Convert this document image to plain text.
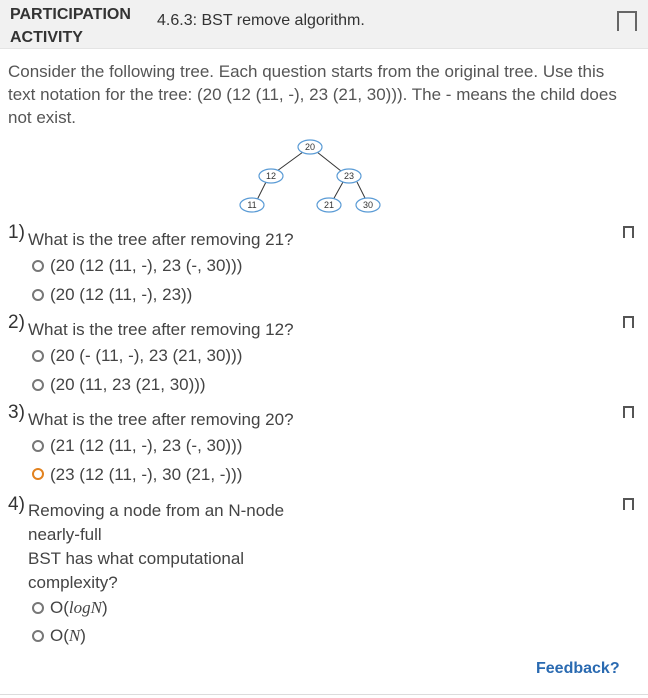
PARTICIPATION ACTIVITY
4.6.3: BST remove algorithm.
Consider the following tree. Each question starts from the original tree. Use this text notation for the tree: (20 (12 (11, -), 23 (21, 30))). The - means the child does not exist.
20
12	23
11	21	30
1) What is the tree after removing 21?
(20 (12 (11, -), 23 (-, 30)))
(20 (12 (11, -), 23))
2) What is the tree after removing 12?
(20 (- (11, -), 23 (21, 30)))
(20 (11, 23 (21, 30)))
3) What is the tree after removing 20?
(21 (12 (11, -), 23 (-, 30)))
(23 (12 (11, -), 30 (21, -)))
4) Removing a node from an N-node
nearly-full
BST has what computational
complexity?
O(logN)
O(N)
Feedback?
